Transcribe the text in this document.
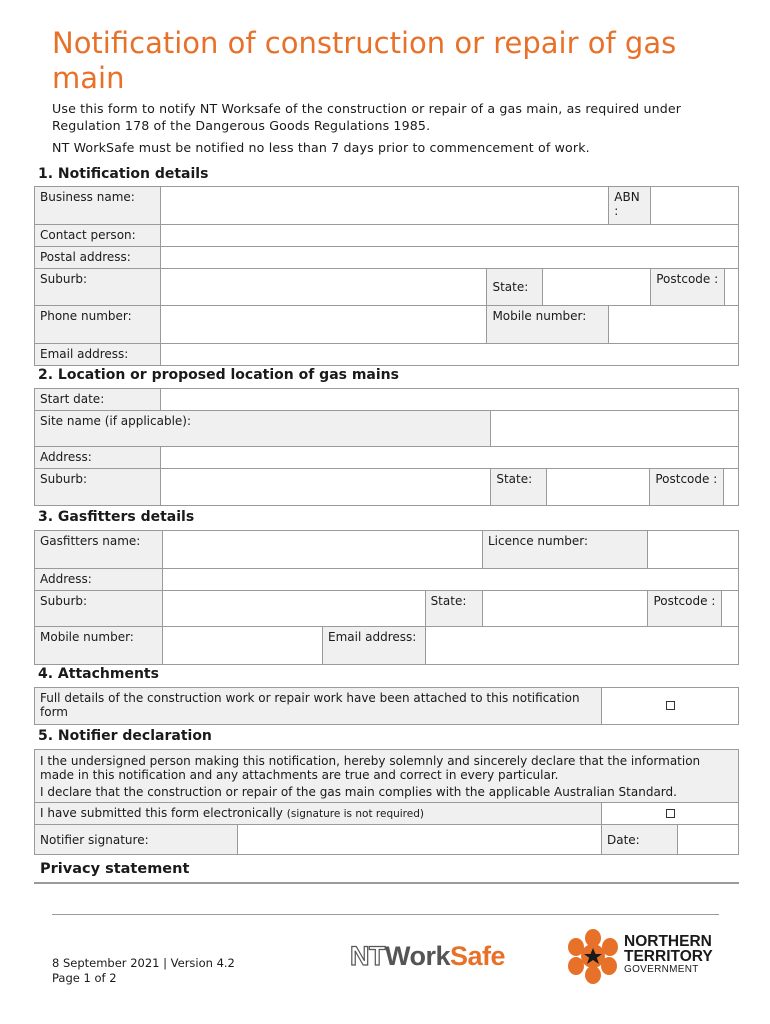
Notification of construction or repair of gas main
Use this form to notify NT Worksafe of the construction or repair of a gas main, as required under Regulation 178 of the Dangerous Goods Regulations 1985.
NT WorkSafe must be notified no less than 7 days prior to commencement of work.
1. Notification details
Business name:				ABN :		
Contact person:						
Postal address:						
Suburb:		State:			Postcode :	
Phone number:		Mobile number:				
Email address:						
2. Location or proposed location of gas mains
Start date:					
Site name (if applicable):					
Address:					
Suburb:		State:		Postcode :	
3. Gasfitters details
Gasfitters name:				Licence number:		
Address:						
Suburb:			State:		Postcode :	
Mobile number:		Email address:				
4. Attachments
Full details of the construction work or repair work have been attached to this notification form	
5. Notifier declaration
I the undersigned person making this notification, hereby solemnly and sincerely declare that the information made in this notification and any attachments are true and correct in every particular.
I declare that the construction or repair of the gas main complies with the applicable Australian Standard.			

I have submitted this form electronically (signature is not required)			
Notifier signature:		Date:	
Privacy statement
8 September 2021 | Version 4.2
Page 1 of 2
NTWorkSafe	NORTHERN
TERRITORY
GOVERNMENT
